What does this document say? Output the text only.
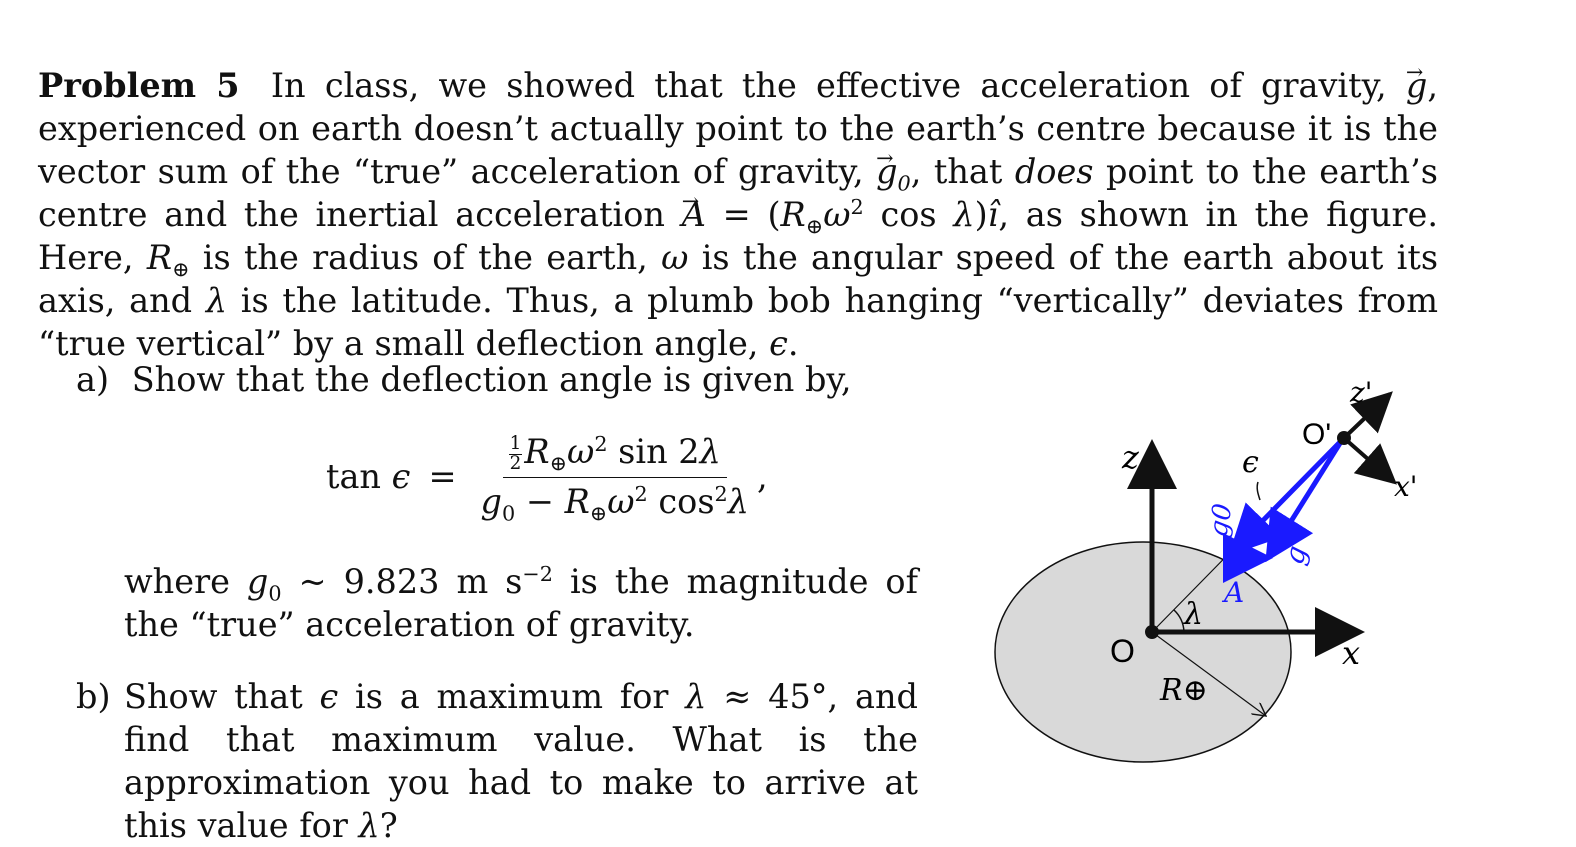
Problem 5 In class, we showed that the effective acceleration of gravity, → g, experienced on earth doesn’t actually point to the earth’s centre because it is the vector sum of the “true” acceleration of gravity, → $g_0$, that does point to the earth’s centre and the inertial acceleration → $A = (R_\oplus\omega^2$ cos λ)î, as shown in the figure. Here, $R_\oplus$ is the radius of the earth, ω is the angular speed of the earth about its axis, and λ is the latitude. Thus, a plumb bob hanging “vertically” deviates from “true vertical” by a small deflection angle, ϵ.
a) Show that the deflection angle is given by,
$\tan \epsilon = \frac{\frac{1}{2} R_\oplus\omega^2 \sin 2\lambda}{g_0 - R_\oplus\omega^2 \cos^2\lambda}$ ,
where $g_0$ ∼ 9.823 m $s^{-2}$ is the magnitude of the “true” acceleration of gravity.
b) Show that ϵ is a maximum for λ ≈ 45°, and find that maximum value. What is the approximation you had to make to arrive at this value for λ?
O
O'
z
x
z'
x'
λ
ϵ
R⊕
g0
g
A
